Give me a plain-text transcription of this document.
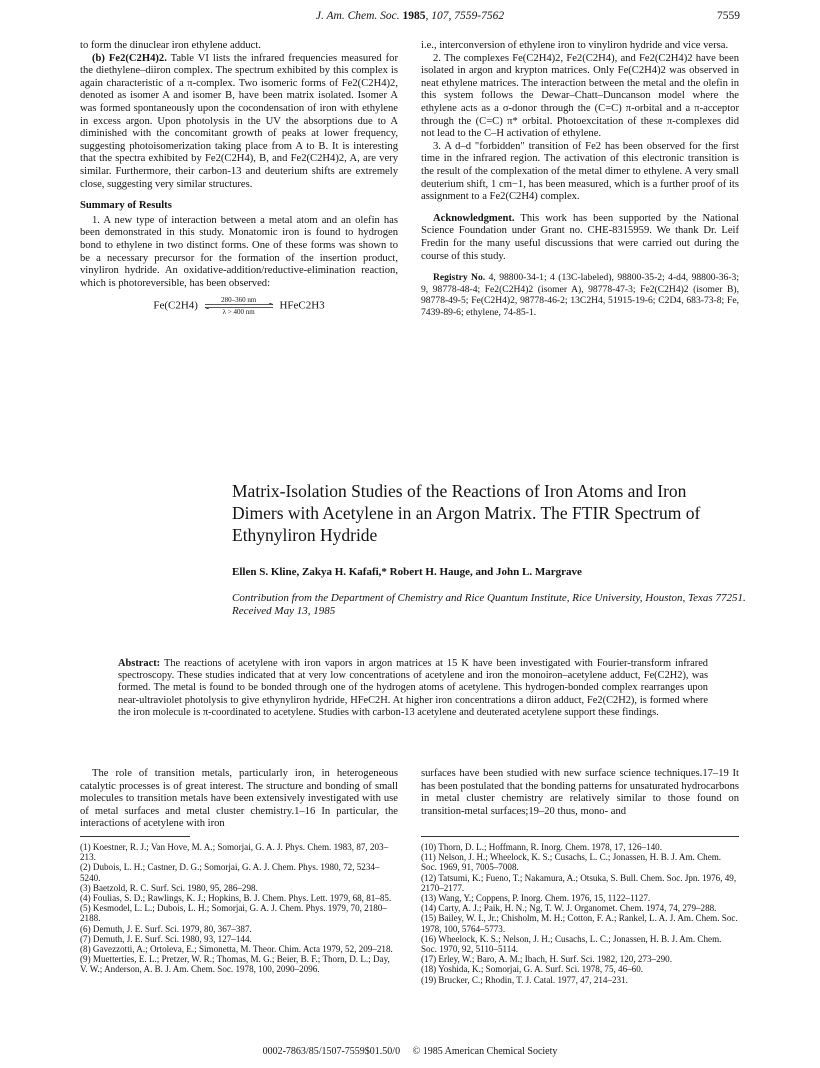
J. Am. Chem. Soc. 1985, 107, 7559-7562	7559

to form the dinuclear iron ethylene adduct.

(b) Fe2(C2H4)2. Table VI lists the infrared frequencies measured for the diethylene–diiron complex. The spectrum exhibited by this complex is again characteristic of a π-complex. Two isomeric forms of Fe2(C2H4)2, denoted as isomer A and isomer B, have been matrix isolated. Isomer A was formed spontaneously upon the cocondensation of iron with ethylene in excess argon. Upon photolysis in the UV the absorptions due to A diminished with the concomitant growth of peaks at lower frequency, suggesting photoisomerization taking place from A to B. It is interesting that the spectra exhibited by Fe2(C2H4), B, and Fe2(C2H4)2, A, are very similar. Furthermore, their carbon-13 and deuterium shifts are extremely close, suggesting very similar structures.

Summary of Results

1. A new type of interaction between a metal atom and an olefin has been demonstrated in this study. Monatomic iron is found to hydrogen bond to ethylene in two distinct forms. One of these forms was shown to be a necessary precursor for the formation of the insertion product, vinyliron hydride. An oxidative-addition/reductive-elimination reaction, which is photoreversible, has been observed:

Fe(C2H4)	280–360 nm
λ > 400 nm
HFeC2H3

i.e., interconversion of ethylene iron to vinyliron hydride and vice versa.

2. The complexes Fe(C2H4)2, Fe2(C2H4), and Fe2(C2H4)2 have been isolated in argon and krypton matrices. Only Fe(C2H4)2 was observed in neat ethylene matrices. The interaction between the metal and the olefin in this system follows the Dewar–Chatt–Duncanson model where the ethylene acts as a σ-donor through the (C=C) π-orbital and a π-acceptor through the (C=C) π* orbital. Photoexcitation of these π-complexes did not lead to the C–H activation of ethylene.

3. A d–d "forbidden" transition of Fe2 has been observed for the first time in the infrared region. The activation of this electronic transition is the result of the complexation of the metal dimer to ethylene. A very small deuterium shift, 1 cm−1, has been measured, which is a further proof of its assignment to a Fe2(C2H4) complex.

Acknowledgment. This work has been supported by the National Science Foundation under Grant no. CHE-8315959. We thank Dr. Leif Fredin for the many useful discussions that were carried out during the course of this study.

Registry No. 4, 98800-34-1; 4 (13C-labeled), 98800-35-2; 4-d4, 98800-36-3; 9, 98778-48-4; Fe2(C2H4)2 (isomer A), 98778-47-3; Fe2(C2H4)2 (isomer B), 98778-49-5; Fe(C2H4)2, 98778-46-2; 13C2H4, 51915-19-6; C2D4, 683-73-8; Fe, 7439-89-6; ethylene, 74-85-1.

Matrix-Isolation Studies of the Reactions of Iron Atoms and Iron Dimers with Acetylene in an Argon Matrix. The FTIR Spectrum of Ethynyliron Hydride
Ellen S. Kline, Zakya H. Kafafi,* Robert H. Hauge, and John L. Margrave
Contribution from the Department of Chemistry and Rice Quantum Institute, Rice University, Houston, Texas 77251. Received May 13, 1985
Abstract: The reactions of acetylene with iron vapors in argon matrices at 15 K have been investigated with Fourier-transform infrared spectroscopy. These studies indicated that at very low concentrations of acetylene and iron the monoiron–acetylene adduct, Fe(C2H2), was formed. The metal is found to be bonded through one of the hydrogen atoms of acetylene. This hydrogen-bonded complex rearranges upon near-ultraviolet photolysis to give ethynyliron hydride, HFeC2H. At higher iron concentrations a diiron adduct, Fe2(C2H2), is formed where the iron molecule is π-coordinated to acetylene. Studies with carbon-13 acetylene and deuterated acetylene support these findings.

The role of transition metals, particularly iron, in heterogeneous catalytic processes is of great interest. The structure and bonding of small molecules to transition metals have been extensively investigated with use of metal surfaces and metal cluster chemistry.1–16 In particular, the interactions of acetylene with iron

surfaces have been studied with new surface science techniques.17–19 It has been postulated that the bonding patterns for unsaturated hydrocarbons in metal cluster chemistry are relatively similar to those found on transition-metal surfaces;19–20 thus, mono- and

(1) Koestner, R. J.; Van Hove, M. A.; Somorjai, G. A. J. Phys. Chem. 1983, 87, 203–213.
(2) Dubois, L. H.; Castner, D. G.; Somorjai, G. A. J. Chem. Phys. 1980, 72, 5234–5240.
(3) Baetzold, R. C. Surf. Sci. 1980, 95, 286–298.
(4) Foulias, S. D.; Rawlings, K. J.; Hopkins, B. J. Chem. Phys. Lett. 1979, 68, 81–85.
(5) Kesmodel, L. L.; Dubois, L. H.; Somorjai, G. A. J. Chem. Phys. 1979, 70, 2180–2188.
(6) Demuth, J. E. Surf. Sci. 1979, 80, 367–387.
(7) Demuth, J. E. Surf. Sci. 1980, 93, 127–144.
(8) Gavezzotti, A.; Ortoleva, E.; Simonetta, M. Theor. Chim. Acta 1979, 52, 209–218.
(9) Muetterties, E. L.; Pretzer, W. R.; Thomas, M. G.; Beier, B. F.; Thorn, D. L.; Day, V. W.; Anderson, A. B. J. Am. Chem. Soc. 1978, 100, 2090–2096.
(10) Thorn, D. L.; Hoffmann, R. Inorg. Chem. 1978, 17, 126–140.
(11) Nelson, J. H.; Wheelock, K. S.; Cusachs, L. C.; Jonassen, H. B. J. Am. Chem. Soc. 1969, 91, 7005–7008.
(12) Tatsumi, K.; Fueno, T.; Nakamura, A.; Otsuka, S. Bull. Chem. Soc. Jpn. 1976, 49, 2170–2177.
(13) Wang, Y.; Coppens, P. Inorg. Chem. 1976, 15, 1122–1127.
(14) Carty, A. J.; Paik, H. N.; Ng, T. W. J. Organomet. Chem. 1974, 74, 279–288.
(15) Bailey, W. I., Jr.; Chisholm, M. H.; Cotton, F. A.; Rankel, L. A. J. Am. Chem. Soc. 1978, 100, 5764–5773.
(16) Wheelock, K. S.; Nelson, J. H.; Cusachs, L. C.; Jonassen, H. B. J. Am. Chem. Soc. 1970, 92, 5110–5114.
(17) Erley, W.; Baro, A. M.; Ibach, H. Surf. Sci. 1982, 120, 273–290.
(18) Yoshida, K.; Somorjai, G. A. Surf. Sci. 1978, 75, 46–60.
(19) Brucker, C.; Rhodin, T. J. Catal. 1977, 47, 214–231.
0002-7863/85/1507-7559$01.50/0 © 1985 American Chemical Society
